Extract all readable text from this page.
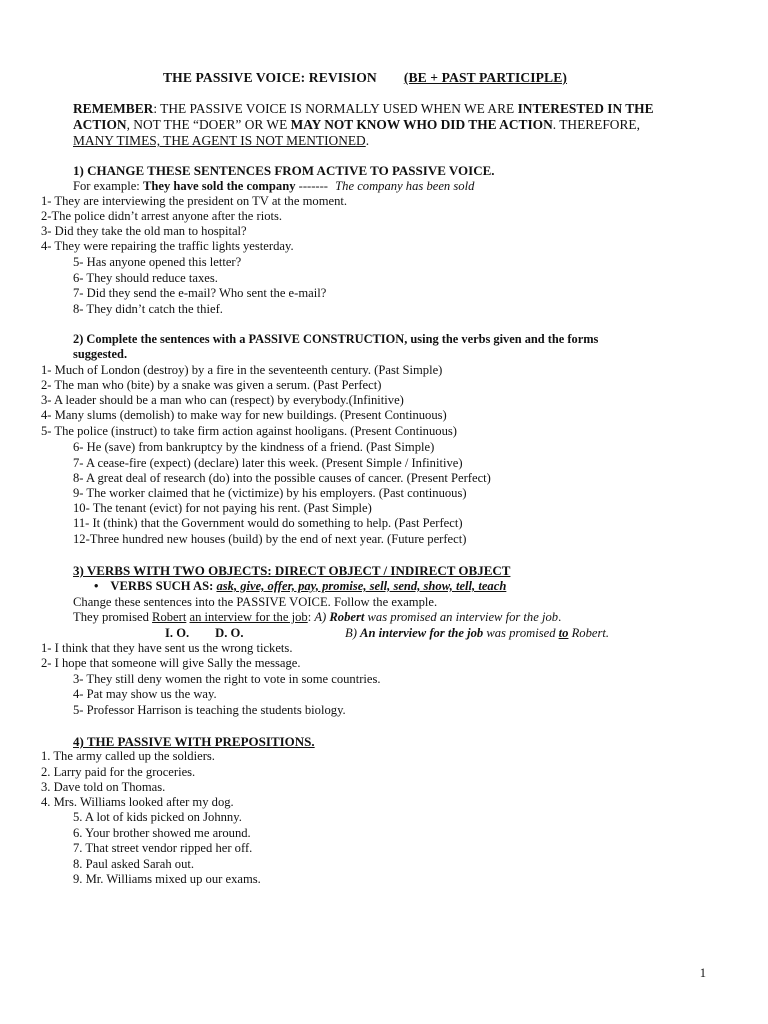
THE PASSIVE VOICE: REVISION (BE + PAST PARTICIPLE)
REMEMBER: THE PASSIVE VOICE IS NORMALLY USED WHEN WE ARE INTERESTED IN THE
ACTION, NOT THE “DOER” OR WE MAY NOT KNOW WHO DID THE ACTION. THEREFORE,
MANY TIMES, THE AGENT IS NOT MENTIONED.
1) CHANGE THESE SENTENCES FROM ACTIVE TO PASSIVE VOICE.
For example: They have sold the company ------- The company has been sold
1- They are interviewing the president on TV at the moment.
2-The police didn’t arrest anyone after the riots.
3- Did they take the old man to hospital?
4- They were repairing the traffic lights yesterday.
5- Has anyone opened this letter?
6- They should reduce taxes.
7- Did they send the e-mail? Who sent the e-mail?
8- They didn’t catch the thief.
2) Complete the sentences with a PASSIVE CONSTRUCTION, using the verbs given and the forms
suggested.
1- Much of London (destroy) by a fire in the seventeenth century. (Past Simple)
2- The man who (bite) by a snake was given a serum. (Past Perfect)
3- A leader should be a man who can (respect) by everybody.(Infinitive)
4- Many slums (demolish) to make way for new buildings. (Present Continuous)
5- The police (instruct) to take firm action against hooligans. (Present Continuous)
6- He (save) from bankruptcy by the kindness of a friend. (Past Simple)
7- A cease-fire (expect) (declare) later this week. (Present Simple / Infinitive)
8- A great deal of research (do) into the possible causes of cancer. (Present Perfect)
9- The worker claimed that he (victimize) by his employers. (Past continuous)
10- The tenant (evict) for not paying his rent. (Past Simple)
11- It (think) that the Government would do something to help. (Past Perfect)
12-Three hundred new houses (build) by the end of next year. (Future perfect)
3) VERBS WITH TWO OBJECTS: DIRECT OBJECT / INDIRECT OBJECT
• VERBS SUCH AS: ask, give, offer, pay, promise, sell, send, show, tell, teach
Change these sentences into the PASSIVE VOICE. Follow the example.
They promised Robert an interview for the job: A) Robert was promised an interview for the job.
I. O. D. O.	B) An interview for the job was promised to Robert.
1- I think that they have sent us the wrong tickets.
2- I hope that someone will give Sally the message.
3- They still deny women the right to vote in some countries.
4- Pat may show us the way.
5- Professor Harrison is teaching the students biology.
4) THE PASSIVE WITH PREPOSITIONS.
1. The army called up the soldiers.
2. Larry paid for the groceries.
3. Dave told on Thomas.
4. Mrs. Williams looked after my dog.
5. A lot of kids picked on Johnny.
6. Your brother showed me around.
7. That street vendor ripped her off.
8. Paul asked Sarah out.
9. Mr. Williams mixed up our exams.
1
